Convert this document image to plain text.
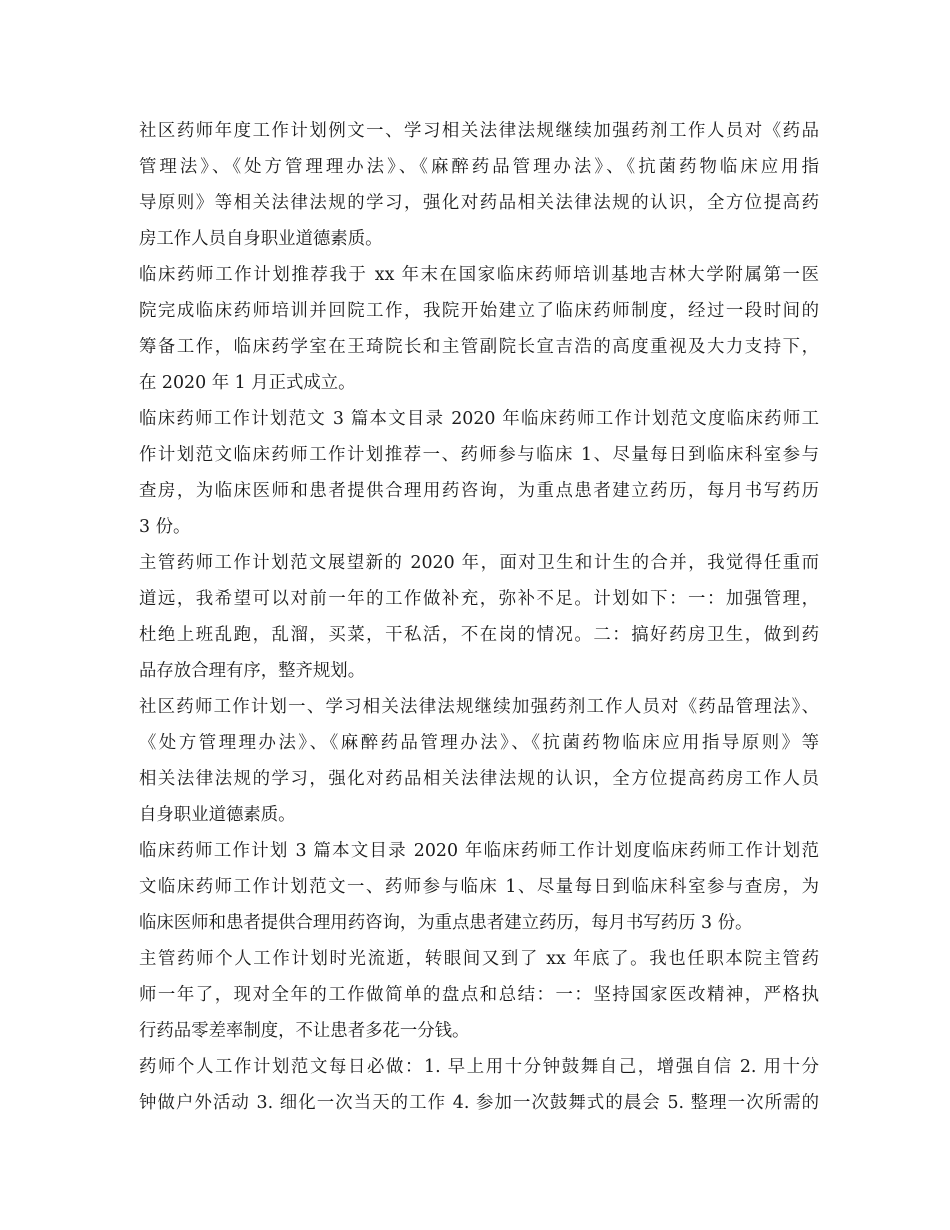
社区药师年度工作计划例文一、学习相关法律法规继续加强药剂工作人员对《药品
管理法》、《处方管理理办法》、《麻醉药品管理办法》、《抗菌药物临床应用指
导原则》等相关法律法规的学习，强化对药品相关法律法规的认识，全方位提高药
房工作人员自身职业道德素质。
临床药师工作计划推荐我于 xx 年末在国家临床药师培训基地吉林大学附属第一医
院完成临床药师培训并回院工作，我院开始建立了临床药师制度，经过一段时间的
筹备工作，临床药学室在王琦院长和主管副院长宣吉浩的高度重视及大力支持下，
在 2020 年 1 月正式成立。
临床药师工作计划范文 3 篇本文目录 2020 年临床药师工作计划范文度临床药师工
作计划范文临床药师工作计划推荐一、药师参与临床 1、尽量每日到临床科室参与
查房，为临床医师和患者提供合理用药咨询，为重点患者建立药历，每月书写药历
3 份。
主管药师工作计划范文展望新的 2020 年，面对卫生和计生的合并，我觉得任重而
道远，我希望可以对前一年的工作做补充，弥补不足。计划如下：一：加强管理，
杜绝上班乱跑，乱溜，买菜，干私活，不在岗的情况。二：搞好药房卫生，做到药
品存放合理有序，整齐规划。
社区药师工作计划一、学习相关法律法规继续加强药剂工作人员对《药品管理法》、
《处方管理理办法》、《麻醉药品管理办法》、《抗菌药物临床应用指导原则》等
相关法律法规的学习，强化对药品相关法律法规的认识，全方位提高药房工作人员
自身职业道德素质。
临床药师工作计划 3 篇本文目录 2020 年临床药师工作计划度临床药师工作计划范
文临床药师工作计划范文一、药师参与临床 1、尽量每日到临床科室参与查房，为
临床医师和患者提供合理用药咨询，为重点患者建立药历，每月书写药历 3 份。
主管药师个人工作计划时光流逝，转眼间又到了 xx 年底了。我也任职本院主管药
师一年了，现对全年的工作做简单的盘点和总结：一：坚持国家医改精神，严格执
行药品零差率制度，不让患者多花一分钱。
药师个人工作计划范文每日必做：1. 早上用十分钟鼓舞自己，增强自信 2. 用十分
钟做户外活动 3. 细化一次当天的工作 4. 参加一次鼓舞式的晨会 5. 整理一次所需的
